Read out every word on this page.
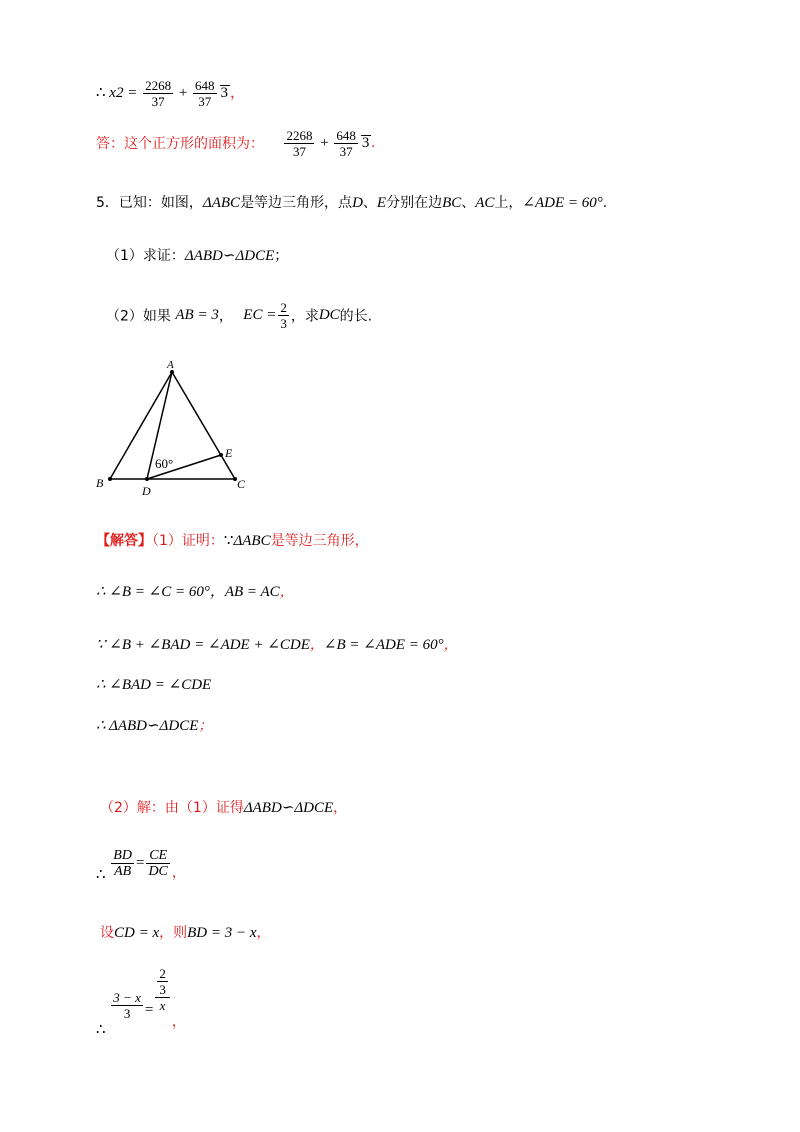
∴ $x2 = \frac{2268}{37} + \frac{648}{37} 3$ ，
答：这个正方形的面积为： $\frac{2268}{37} + \frac{648}{37} 3$ .
5．已知：如图，ΔABC是等边三角形，点D、E分别在边BC、AC上，∠ADE = 60°.
（1）求证：ΔABD∽ΔDCE；
（2）如果 AB = 3， EC = $\frac{2}{3}$ ，求DC的长.
A
B	C
D
E
60°
【解答】（1）证明：∵ΔABC是等边三角形，
∴ ∠B = ∠C = 60°，AB = AC，
∵ ∠B + ∠BAD = ∠ADE + ∠CDE，∠B = ∠ADE = 60°，
∴ ∠BAD = ∠CDE
∴ ΔABD∽ΔDCE；
（2）解：由（1）证得ΔABD∽ΔDCE，
∴ $\frac{BD}{AB} = \frac{CE}{DC}$ ，
设CD = x，则BD = 3 − x，
∴
$\frac{3 - x}{3} = \frac{\frac{2}{3}}{x}$
，
